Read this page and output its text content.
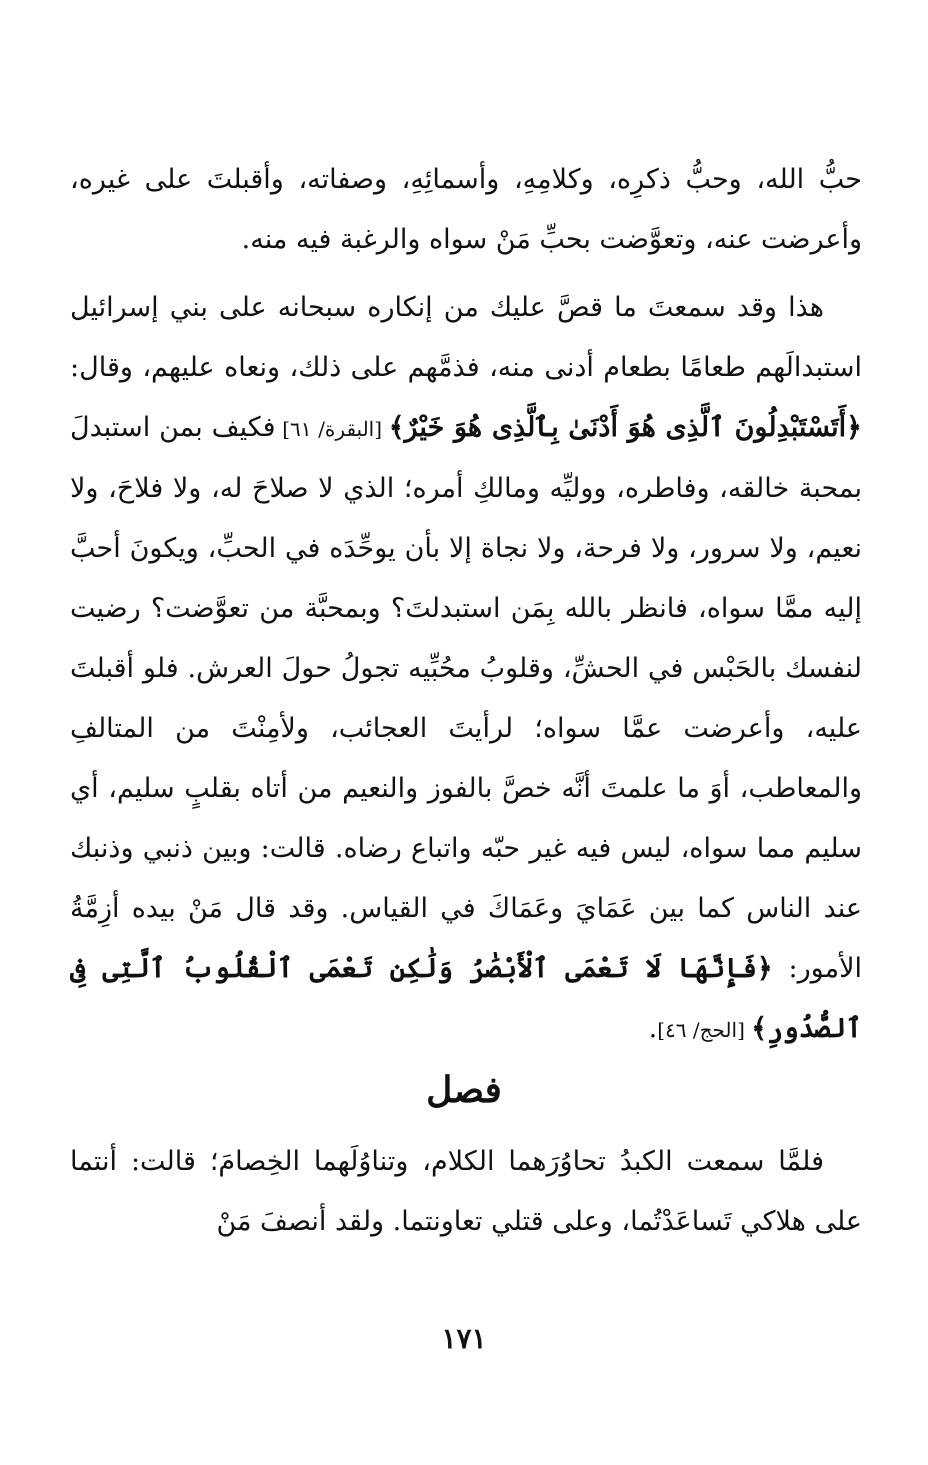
حبُّ الله، وحبُّ ذكرِه، وكلامِهِ، وأسمائِهِ، وصفاته، وأقبلتَ على غيره، وأعرضت عنه، وتعوَّضت بحبِّ مَنْ سواه والرغبة فيه منه.

هذا وقد سمعتَ ما قصَّ عليك من إنكاره سبحانه على بني إسرائيل استبدالَهم طعامًا بطعام أدنى منه، فذمَّهم على ذلك، ونعاه عليهم، وقال: ﴿أَتَسْتَبْدِلُونَ ٱلَّذِى هُوَ أَدْنَىٰ بِٱلَّذِى هُوَ خَيْرٌ﴾ [البقرة/ ٦١] فكيف بمن استبدلَ بمحبة خالقه، وفاطره، ووليِّه ومالكِ أمره؛ الذي لا صلاحَ له، ولا فلاحَ، ولا نعيم، ولا سرور، ولا فرحة، ولا نجاة إلا بأن يوحِّدَه في الحبِّ، ويكونَ أحبَّ إليه ممَّا سواه، فانظر بالله بِمَن استبدلتَ؟ وبمحبَّة من تعوَّضت؟ رضيت لنفسك بالحَبْس في الحشِّ، وقلوبُ محُبِّيه تجولُ حولَ العرش. فلو أقبلتَ عليه، وأعرضت عمَّا سواه؛ لرأيتَ العجائب، ولأمِنْتَ من المتالفِ والمعاطب، أوَ ما علمتَ أنَّه خصَّ بالفوز والنعيم من أتاه بقلبٍ سليم، أي سليم مما سواه، ليس فيه غير حبّه واتباع رضاه. قالت: وبين ذنبي وذنبك عند الناس كما بين عَمَايَ وعَمَاكَ في القياس. وقد قال مَنْ بيده أزِمَّةُ الأمور: ﴿فَإِنَّهَا لَا تَعْمَى ٱلْأَبْصَٰرُ وَلَٰكِن تَعْمَى ٱلْقُلُوبُ ٱلَّتِى فِى ٱلصُّدُورِ﴾ [الحج/ ٤٦].

فصل

فلمَّا سمعت الكبدُ تحاوُرَهما الكلام، وتناوُلَهما الخِصامَ؛ قالت: أنتما على هلاكي تَساعَدْتُما، وعلى قتلي تعاونتما. ولقد أنصفَ مَنْ

١٧١
